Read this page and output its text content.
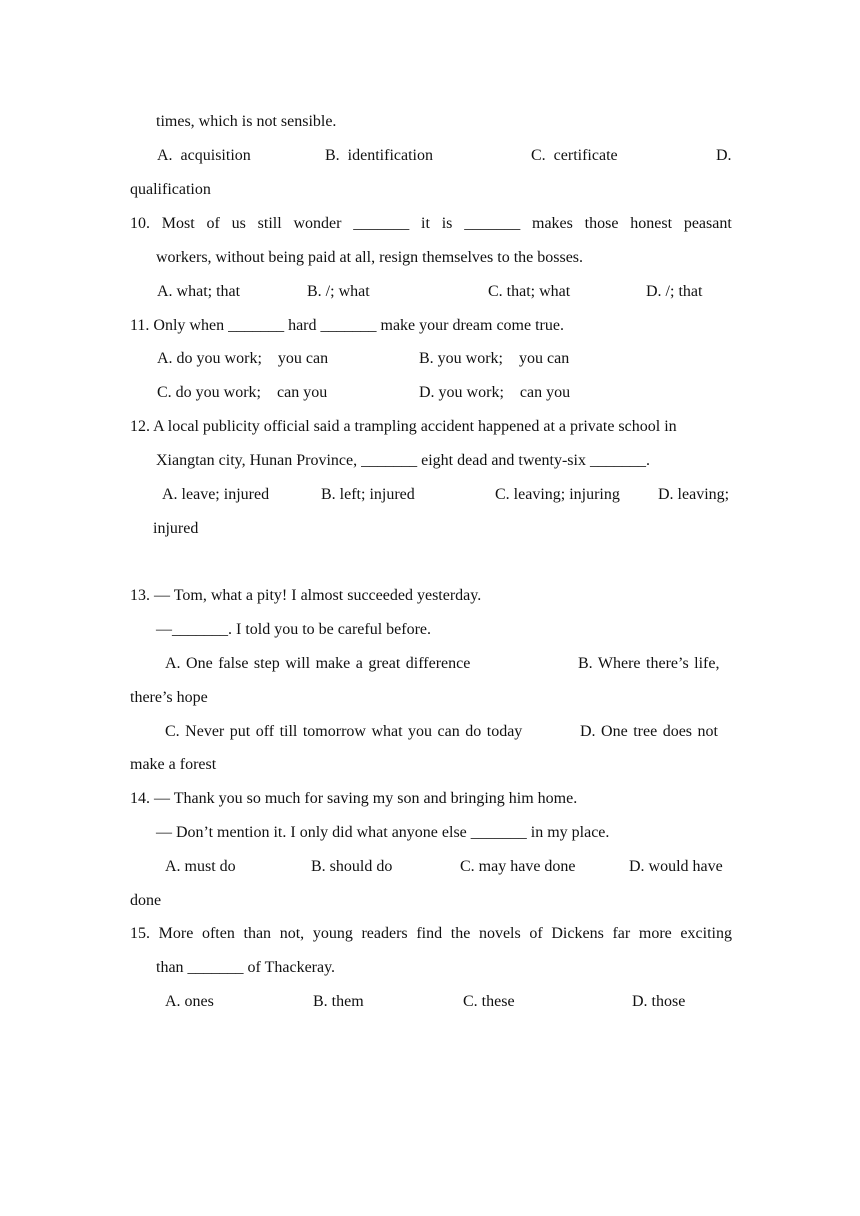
times, which is not sensible.
A.  acquisition	B.  identification	C.  certificate	D.
qualification
10. Most of us still wonder _______ it is _______ makes those honest peasant
workers, without being paid at all, resign themselves to the bosses.
A. what; that	B. /; what	C. that; what	D. /; that
11. Only when _______ hard _______ make your dream come true.
A. do you work;    you can	B. you work;    you can
C. do you work;    can you	D. you work;    can you
12. A local publicity official said a trampling accident happened at a private school in
Xiangtan city, Hunan Province, _______ eight dead and twenty-six _______.
A. leave; injured	B. left; injured	C. leaving; injuring D. leaving;
injured
13. — Tom, what a pity! I almost succeeded yesterday.
—_______. I told you to be careful before.
A. One false step will make a great difference	B. Where there’s life,
there’s hope
C. Never put off till tomorrow what you can do today	D. One tree does not
make a forest
14. — Thank you so much for saving my son and bringing him home.
— Don’t mention it. I only did what anyone else _______ in my place.
A. must do	B. should do	C. may have done	D. would have
done
15. More often than not, young readers find the novels of Dickens far more exciting
than _______ of Thackeray.
A. ones	B. them	C. these	D. those
